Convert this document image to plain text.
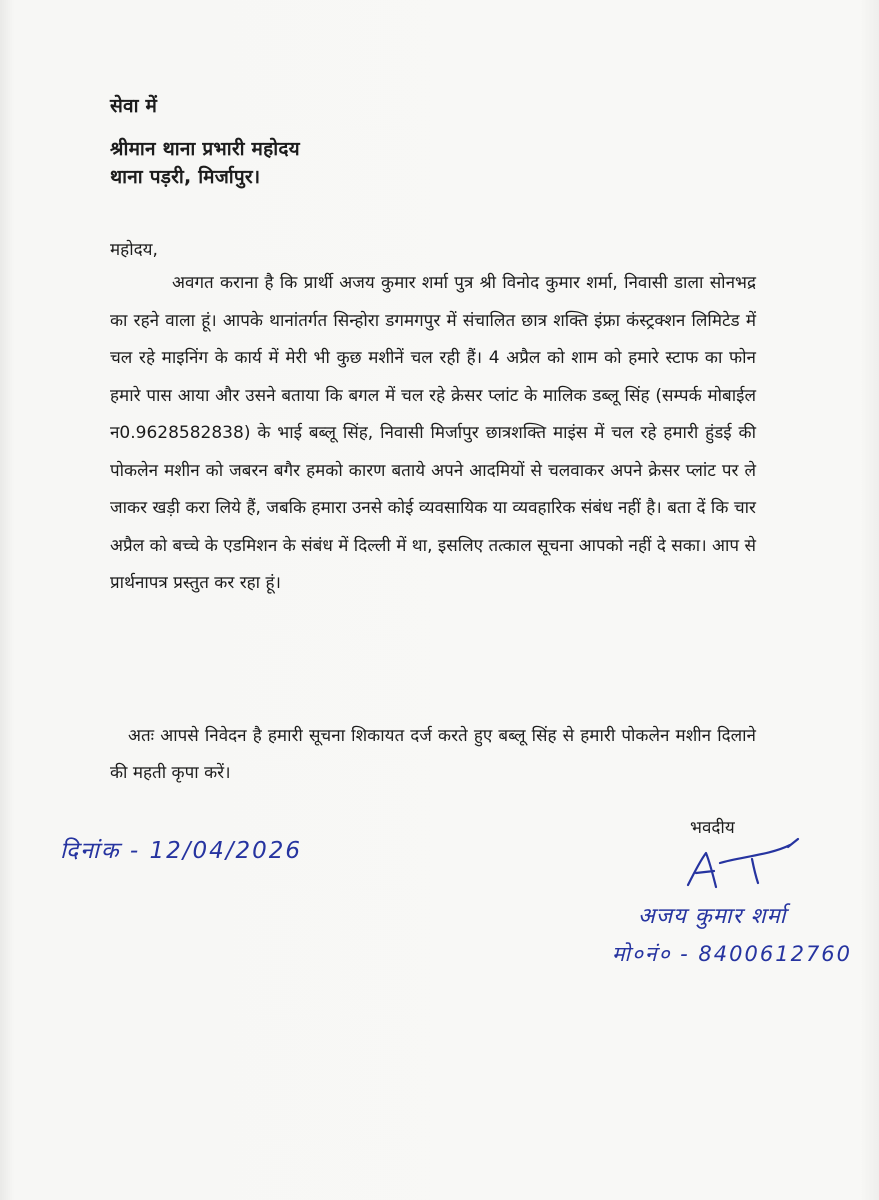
सेवा में
श्रीमान थाना प्रभारी महोदय
थाना पड़री, मिर्जापुर।
महोदय,
अवगत कराना है कि प्रार्थी अजय कुमार शर्मा पुत्र श्री विनोद कुमार शर्मा, निवासी डाला सोनभद्र का रहने वाला हूं। आपके थानांतर्गत सिन्होरा डगमगपुर में संचालित छात्र शक्ति इंफ्रा कंस्ट्रक्शन लिमिटेड में चल रहे माइनिंग के कार्य में मेरी भी कुछ मशीनें चल रही हैं। 4 अप्रैल को शाम को हमारे स्टाफ का फोन हमारे पास आया और उसने बताया कि बगल में चल रहे क्रेसर प्लांट के मालिक डब्लू सिंह (सम्पर्क मोबाईल न0.9628582838) के भाई बब्लू सिंह, निवासी मिर्जापुर छात्रशक्ति माइंस में चल रहे हमारी हुंडई की पोकलेन मशीन को जबरन बगैर हमको कारण बताये अपने आदमियों से चलवाकर अपने क्रेसर प्लांट पर ले जाकर खड़ी करा लिये हैं, जबकि हमारा उनसे कोई व्यवसायिक या व्यवहारिक संबंध नहीं है। बता दें कि चार अप्रैल को बच्चे के एडमिशन के संबंध में दिल्ली में था, इसलिए तत्काल सूचना आपको नहीं दे सका। आप से प्रार्थनापत्र प्रस्तुत कर रहा हूं।
अतः आपसे निवेदन है हमारी सूचना शिकायत दर्ज करते हुए बब्लू सिंह से हमारी पोकलेन मशीन दिलाने की महती कृपा करें।
भवदीय
दिनांक - 12/04/2026
अजय कुमार शर्मा
मो०नं० - 8400612760
